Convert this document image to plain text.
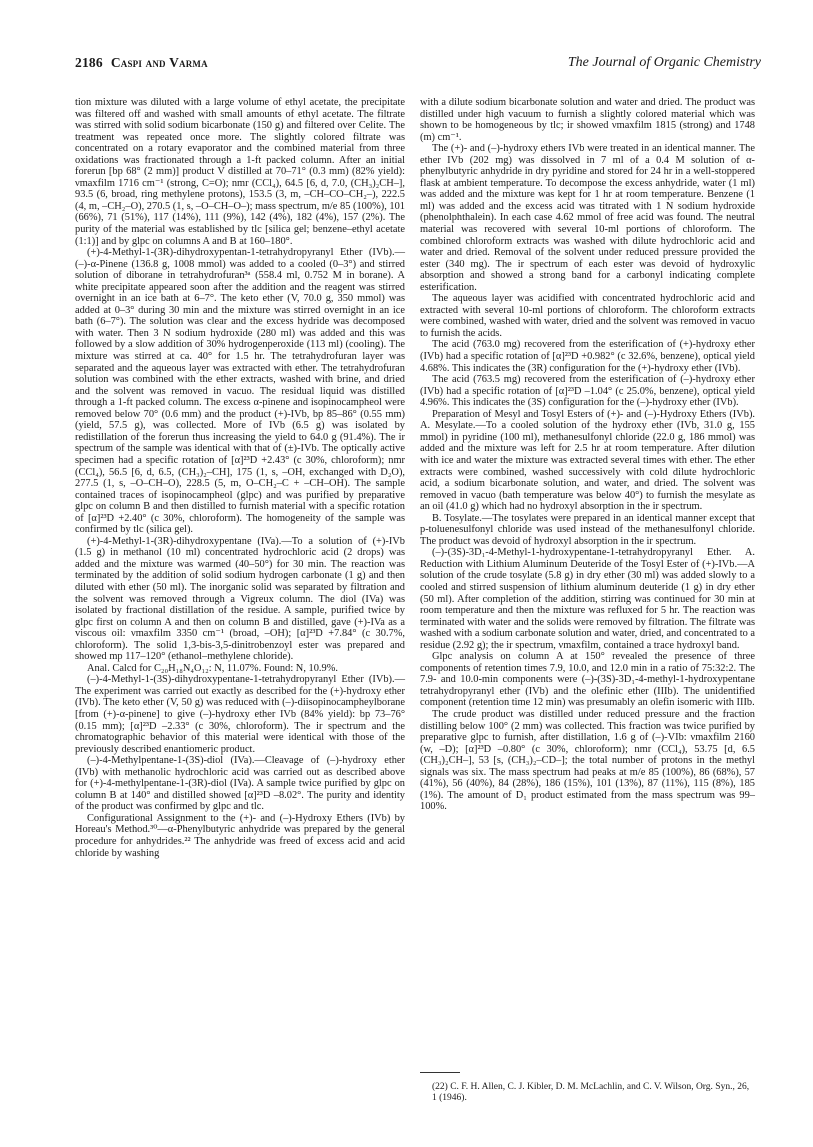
2186 Caspi and Varma	The Journal of Organic Chemistry

tion mixture was diluted with a large volume of ethyl acetate, the precipitate was filtered off and washed with small amounts of ethyl acetate. The filtrate was stirred with solid sodium bicarbonate (150 g) and filtered over Celite. The treatment was repeated once more. The slightly colored filtrate was concentrated on a rotary evaporator and the combined material from three oxidations was fractionated through a 1-ft packed column. After an initial forerun [bp 68° (2 mm)] product V distilled at 70–71° (0.3 mm) (82% yield): νmaxfilm 1716 cm⁻¹ (strong, C=O); nmr (CCl₄), 64.5 [6, d, 7.0, (CH₃)₂CH–], 93.5 (6, broad, ring methylene protons), 153.5 (3, m, –CH–CO–CH₂–), 222.5 (4, m, –CH₂–O), 270.5 (1, s, –O–CH–O–); mass spectrum, m/e 85 (100%), 101 (66%), 71 (51%), 117 (14%), 111 (9%), 142 (4%), 182 (4%), 157 (2%). The purity of the material was established by tlc [silica gel; benzene–ethyl acetate (1:1)] and by glpc on columns A and B at 160–180°.

(+)-4-Methyl-1-(3R)-dihydroxypentan-1-tetrahydropyranyl Ether (IVb).—(–)-α-Pinene (136.8 g, 1008 mmol) was added to a cooled (0–3°) and stirred solution of diborane in tetrahydrofuran³ᵃ (558.4 ml, 0.752 M in borane). A white precipitate appeared soon after the addition and the reagent was stirred overnight in an ice bath at 6–7°. The keto ether (V, 70.0 g, 350 mmol) was added at 0–3° during 30 min and the mixture was stirred overnight in an ice bath (6–7°). The solution was clear and the excess hydride was decomposed with water. Then 3 N sodium hydroxide (280 ml) was added and this was followed by a slow addition of 30% hydrogenperoxide (113 ml) (cooling). The mixture was stirred at ca. 40° for 1.5 hr. The tetrahydrofuran layer was separated and the aqueous layer was extracted with ether. The tetrahydrofuran solution was combined with the ether extracts, washed with brine, and dried and the solvent was removed in vacuo. The residual liquid was distilled through a 1-ft packed column. The excess α-pinene and isopinocampheol were removed below 70° (0.6 mm) and the product (+)-IVb, bp 85–86° (0.55 mm) (yield, 57.5 g), was collected. More of IVb (6.5 g) was isolated by redistillation of the forerun thus increasing the yield to 64.0 g (91.4%). The ir spectrum of the sample was identical with that of (±)-IVb. The optically active specimen had a specific rotation of [α]²³D +2.43° (c 30%, chloroform); nmr (CCl₄), 56.5 [6, d, 6.5, (CH₃)₂–CH], 175 (1, s, –OH, exchanged with D₂O), 277.5 (1, s, –O–CH–O), 228.5 (5, m, O–CH₂–C + –CH–OH). The sample contained traces of isopinocampheol (glpc) and was purified by preparative glpc on column B and then distilled to furnish material with a specific rotation of [α]²³D +2.40° (c 30%, chloroform). The homogeneity of the sample was confirmed by tlc (silica gel).

(+)-4-Methyl-1-(3R)-dihydroxypentane (IVa).—To a solution of (+)-IVb (1.5 g) in methanol (10 ml) concentrated hydrochloric acid (2 drops) was added and the mixture was warmed (40–50°) for 30 min. The reaction was terminated by the addition of solid sodium hydrogen carbonate (1 g) and then diluted with ether (50 ml). The inorganic solid was separated by filtration and the solvent was removed through a Vigreux column. The diol (IVa) was isolated by fractional distillation of the residue. A sample, purified twice by glpc first on column A and then on column B and distilled, gave (+)-IVa as a viscous oil: νmaxfilm 3350 cm⁻¹ (broad, –OH); [α]²³D +7.84° (c 30.7%, chloroform). The solid 1,3-bis-3,5-dinitrobenzoyl ester was prepared and showed mp 117–120° (ethanol–methylene chloride).

Anal. Calcd for C₂₀H₁₈N₄O₁₂: N, 11.07%. Found: N, 10.9%.

(–)-4-Methyl-1-(3S)-dihydroxypentane-1-tetrahydropyranyl Ether (IVb).—The experiment was carried out exactly as described for the (+)-hydroxy ether (IVb). The keto ether (V, 50 g) was reduced with (–)-diisopinocampheylborane [from (+)-α-pinene] to give (–)-hydroxy ether IVb (84% yield): bp 73–76° (0.15 mm); [α]²³D –2.33° (c 30%, chloroform). The ir spectrum and the chromatographic behavior of this material were identical with those of the previously described enantiomeric product.

(–)-4-Methylpentane-1-(3S)-diol (IVa).—Cleavage of (–)-hydroxy ether (IVb) with methanolic hydrochloric acid was carried out as described above for (+)-4-methylpentane-1-(3R)-diol (IVa). A sample twice purified by glpc on column B at 140° and distilled showed [α]²³D –8.02°. The purity and identity of the product was confirmed by glpc and tlc.

Configurational Assignment to the (+)- and (–)-Hydroxy Ethers (IVb) by Horeau's Method.³⁰—α-Phenylbutyric anhydride was prepared by the general procedure for anhydrides.²² The anhydride was freed of excess acid and acid chloride by washing

with a dilute sodium bicarbonate solution and water and dried. The product was distilled under high vacuum to furnish a slightly colored material which was shown to be homogeneous by tlc; ir showed νmaxfilm 1815 (strong) and 1748 (m) cm⁻¹.

The (+)- and (–)-hydroxy ethers IVb were treated in an identical manner. The ether IVb (202 mg) was dissolved in 7 ml of a 0.4 M solution of α-phenylbutyric anhydride in dry pyridine and stored for 24 hr in a well-stoppered flask at ambient temperature. To decompose the excess anhydride, water (1 ml) was added and the mixture was kept for 1 hr at room temperature. Benzene (1 ml) was added and the excess acid was titrated with 1 N sodium hydroxide (phenolphthalein). In each case 4.62 mmol of free acid was found. The neutral material was recovered with several 10-ml portions of chloroform. The combined chloroform extracts was washed with dilute hydrochloric acid and water and dried. Removal of the solvent under reduced pressure provided the ester (340 mg). The ir spectrum of each ester was devoid of hydroxylic absorption and showed a strong band for a carbonyl indicating complete esterification.

The aqueous layer was acidified with concentrated hydrochloric acid and extracted with several 10-ml portions of chloroform. The chloroform extracts were combined, washed with water, dried and the solvent was removed in vacuo to furnish the acids.

The acid (763.0 mg) recovered from the esterification of (+)-hydroxy ether (IVb) had a specific rotation of [α]²³D +0.982° (c 32.6%, benzene), optical yield 4.68%. This indicates the (3R) configuration for the (+)-hydroxy ether (IVb).

The acid (763.5 mg) recovered from the esterification of (–)-hydroxy ether (IVb) had a specific rotation of [α]²³D –1.04° (c 25.0%, benzene), optical yield 4.96%. This indicates the (3S) configuration for the (–)-hydroxy ether (IVb).

Preparation of Mesyl and Tosyl Esters of (+)- and (–)-Hydroxy Ethers (IVb). A. Mesylate.—To a cooled solution of the hydroxy ether (IVb, 31.0 g, 155 mmol) in pyridine (100 ml), methanesulfonyl chloride (22.0 g, 186 mmol) was added and the mixture was left for 2.5 hr at room temperature. After dilution with ice and water the mixture was extracted several times with ether. The ether extracts were combined, washed successively with cold dilute hydrochloric acid, a sodium bicarbonate solution, and water, and dried. The solvent was removed in vacuo (bath temperature was below 40°) to furnish the mesylate as an oil (41.0 g) which had no hydroxyl absorption in the ir spectrum.

B. Tosylate.—The tosylates were prepared in an identical manner except that p-toluenesulfonyl chloride was used instead of the methanesulfonyl chloride. The product was devoid of hydroxyl absorption in the ir spectrum.

(–)-(3S)-3D₁-4-Methyl-1-hydroxypentane-1-tetrahydropyranyl Ether. A. Reduction with Lithium Aluminum Deuteride of the Tosyl Ester of (+)-IVb.—A solution of the crude tosylate (5.8 g) in dry ether (30 ml) was added slowly to a cooled and stirred suspension of lithium aluminum deuteride (1 g) in dry ether (50 ml). After completion of the addition, stirring was continued for 30 min at room temperature and then the mixture was refluxed for 5 hr. The reaction was terminated with water and the solids were removed by filtration. The filtrate was washed with a sodium carbonate solution and water, dried, and concentrated to a residue (2.92 g); the ir spectrum, νmaxfilm, contained a trace hydroxyl band.

Glpc analysis on column A at 150° revealed the presence of three components of retention times 7.9, 10.0, and 12.0 min in a ratio of 75:32:2. The 7.9- and 10.0-min components were (–)-(3S)-3D₁-4-methyl-1-hydroxypentane tetrahydropyranyl ether (IVb) and the olefinic ether (IIIb). The unidentified component (retention time 12 min) was presumably an olefin isomeric with IIIb.

The crude product was distilled under reduced pressure and the fraction distilling below 100° (2 mm) was collected. This fraction was twice purified by preparative glpc to furnish, after distillation, 1.6 g of (–)-VIb: νmaxfilm 2160 (w, –D); [α]²³D –0.80° (c 30%, chloroform); nmr (CCl₄), 53.75 [d, 6.5 (CH₃)₂CH–], 53 [s, (CH₃)₂–CD–]; the total number of protons in the methyl signals was six. The mass spectrum had peaks at m/e 85 (100%), 86 (68%), 57 (41%), 56 (40%), 84 (28%), 186 (15%), 101 (13%), 87 (11%), 115 (8%), 185 (1%). The amount of D₁ product estimated from the mass spectrum was 99–100%.

(22) C. F. H. Allen, C. J. Kibler, D. M. McLachlin, and C. V. Wilson, Org. Syn., 26, 1 (1946).
